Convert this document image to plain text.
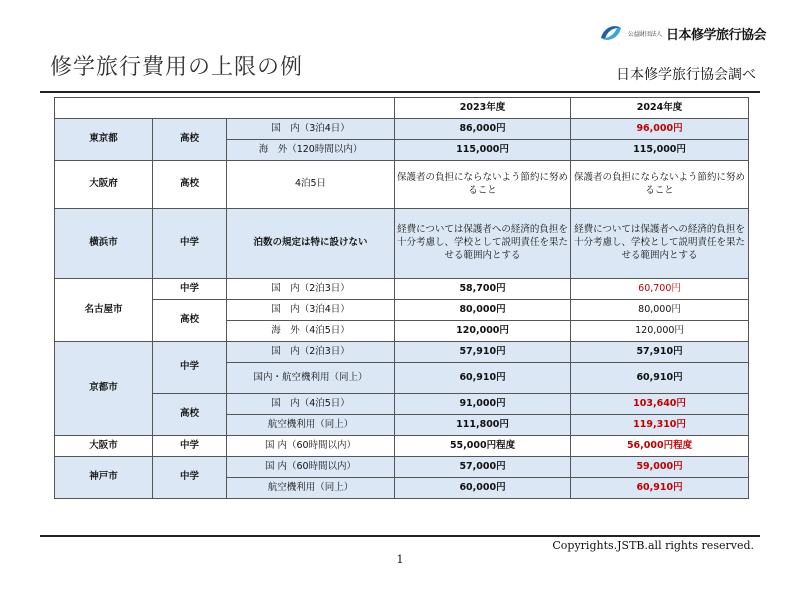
公益財団法人 日本修学旅行協会
修学旅行費用の上限の例	日本修学旅行協会調べ
			2023年度	2024年度
東京都	高校	国　内（3泊4日）	86,000円	96,000円
		海　外（120時間以内）	115,000円	115,000円
大阪府	高校	4泊5日	保護者の負担にならないよう節約に努めること	保護者の負担にならないよう節約に努めること
横浜市	中学	泊数の規定は特に設けない	経費については保護者への経済的負担を十分考慮し、学校として説明責任を果たせる範囲内とする	経費については保護者への経済的負担を十分考慮し、学校として説明責任を果たせる範囲内とする
名古屋市	中学	国　内（2泊3日）	58,700円	60,700円
	高校	国　内（3泊4日）	80,000円	80,000円
		海　外（4泊5日）	120,000円	120,000円
京都市	中学	国　内（2泊3日）	57,910円	57,910円
		国内・航空機利用（同上）	60,910円	60,910円
	高校	国　内（4泊5日）	91,000円	103,640円
		航空機利用（同上）	111,800円	119,310円
大阪市	中学	国 内（60時間以内）	55,000円程度	56,000円程度
神戸市	中学	国 内（60時間以内）	57,000円	59,000円
		航空機利用（同上）	60,000円	60,910円
Copyrights.JSTB.all rights reserved.
1
